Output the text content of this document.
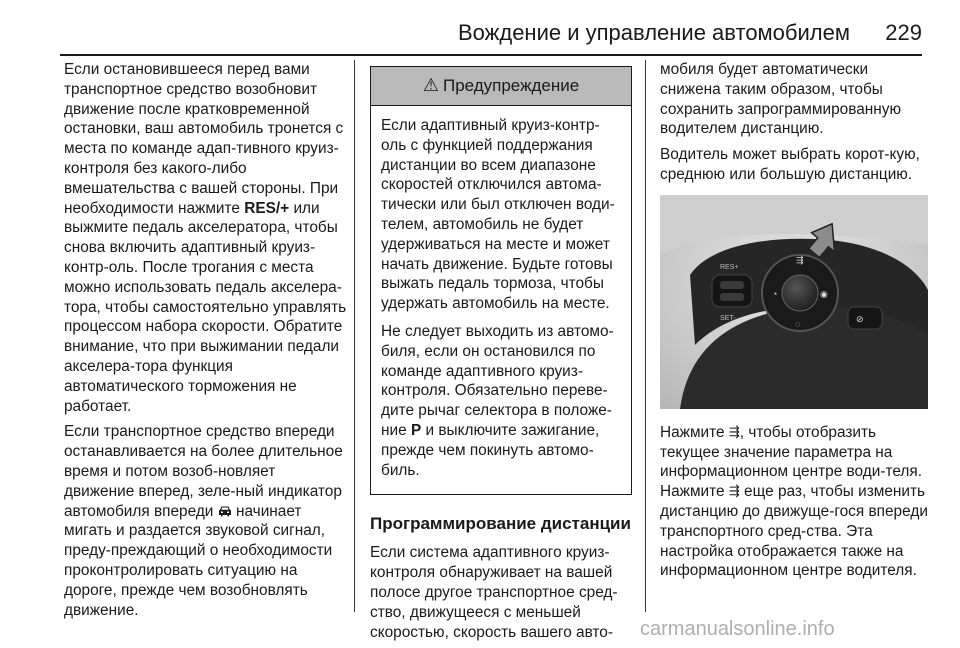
Вождение и управление автомобилем 229

Если остановившееся перед вами транспортное средство возобновит движение после кратковременной остановки, ваш автомобиль тронется с места по команде адап-тивного круиз-контроля без какого-либо вмешательства с вашей стороны. При необходимости нажмите RES/+ или выжмите педаль акселератора, чтобы снова включить адаптивный круиз-контр-оль. После трогания с места можно использовать педаль акселера-тора, чтобы самостоятельно управлять процессом набора скорости. Обратите внимание, что при выжимании педали акселера-тора функция автоматического торможения не работает.

Если транспортное средство впереди останавливается на более длительное время и потом возоб-новляет движение вперед, зеле-ный индикатор автомобиля впереди  начинает мигать и раздается звуковой сигнал, преду-преждающий о необходимости проконтролировать ситуацию на дороге, прежде чем возобновлять движение.

⚠ Предупреждение

Если адаптивный круиз-контр-оль с функцией поддержания дистанции во всем диапазоне скоростей отключился автома-тически или был отключен води-телем, автомобиль не будет удерживаться на месте и может начать движение. Будьте готовы выжать педаль тормоза, чтобы удержать автомобиль на месте.

Не следует выходить из автомо-биля, если он остановился по команде адаптивного круиз-контроля. Обязательно переве-дите рычаг селектора в положе-ние P и выключите зажигание, прежде чем покинуть автомо-биль.

Программирование дистанции

Если система адаптивного круиз-контроля обнаруживает на вашей полосе другое транспортное сред-ство, движущееся с меньшей скоростью, скорость вашего авто-

мобиля будет автоматически снижена таким образом, чтобы сохранить запрограммированную водителем дистанцию.

Водитель может выбрать корот-кую, среднюю или большую дистанцию.

RES+
SET-
⇶
◔	◉
◌	⊘

Нажмите ⇶, чтобы отобразить текущее значение параметра на информационном центре води-теля. Нажмите ⇶ еще раз, чтобы изменить дистанцию до движуще-гося впереди транспортного сред-ства. Эта настройка отображается также на информационном центре водителя.

carmanualsonline.info
